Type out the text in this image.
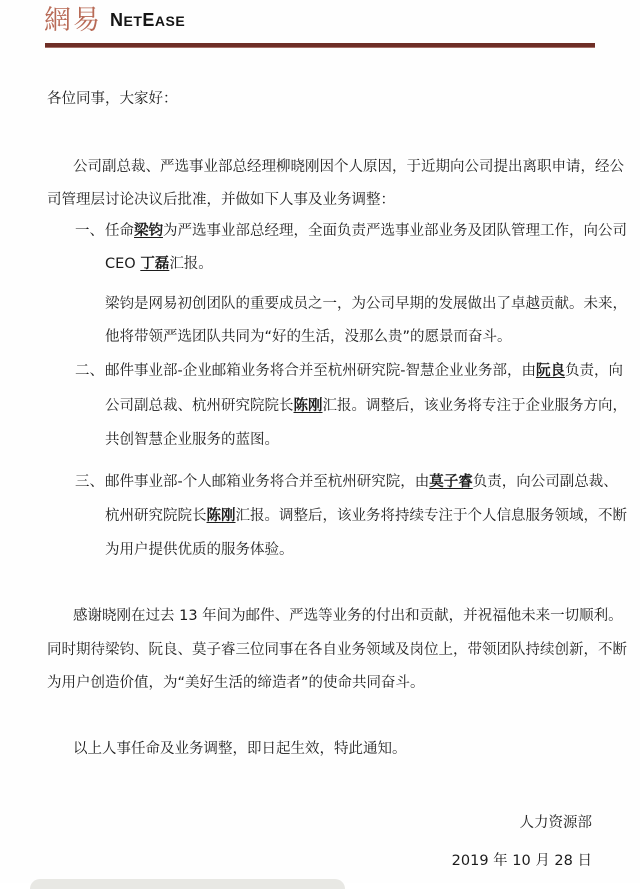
網易 NETEASE
各位同事，大家好：
公司副总裁、严选事业部总经理柳晓刚因个人原因，于近期向公司提出离职申请，经公
司管理层讨论决议后批准，并做如下人事及业务调整：
一、 任命梁钧为严选事业部总经理，全面负责严选事业部业务及团队管理工作，向公司
CEO 丁磊汇报。
梁钧是网易初创团队的重要成员之一，为公司早期的发展做出了卓越贡献。未来，
他将带领严选团队共同为“好的生活，没那么贵”的愿景而奋斗。
二、 邮件事业部-企业邮箱业务将合并至杭州研究院-智慧企业业务部，由阮良负责，向
公司副总裁、杭州研究院院长陈刚汇报。调整后，该业务将专注于企业服务方向，
共创智慧企业服务的蓝图。
三、 邮件事业部-个人邮箱业务将合并至杭州研究院，由莫子睿负责，向公司副总裁、
杭州研究院院长陈刚汇报。调整后，该业务将持续专注于个人信息服务领域，不断
为用户提供优质的服务体验。
感谢晓刚在过去 13 年间为邮件、严选等业务的付出和贡献，并祝福他未来一切顺利。
同时期待梁钧、阮良、莫子睿三位同事在各自业务领域及岗位上，带领团队持续创新，不断
为用户创造价值，为“美好生活的缔造者”的使命共同奋斗。
以上人事任命及业务调整，即日起生效，特此通知。
人力资源部
2019 年 10 月 28 日
